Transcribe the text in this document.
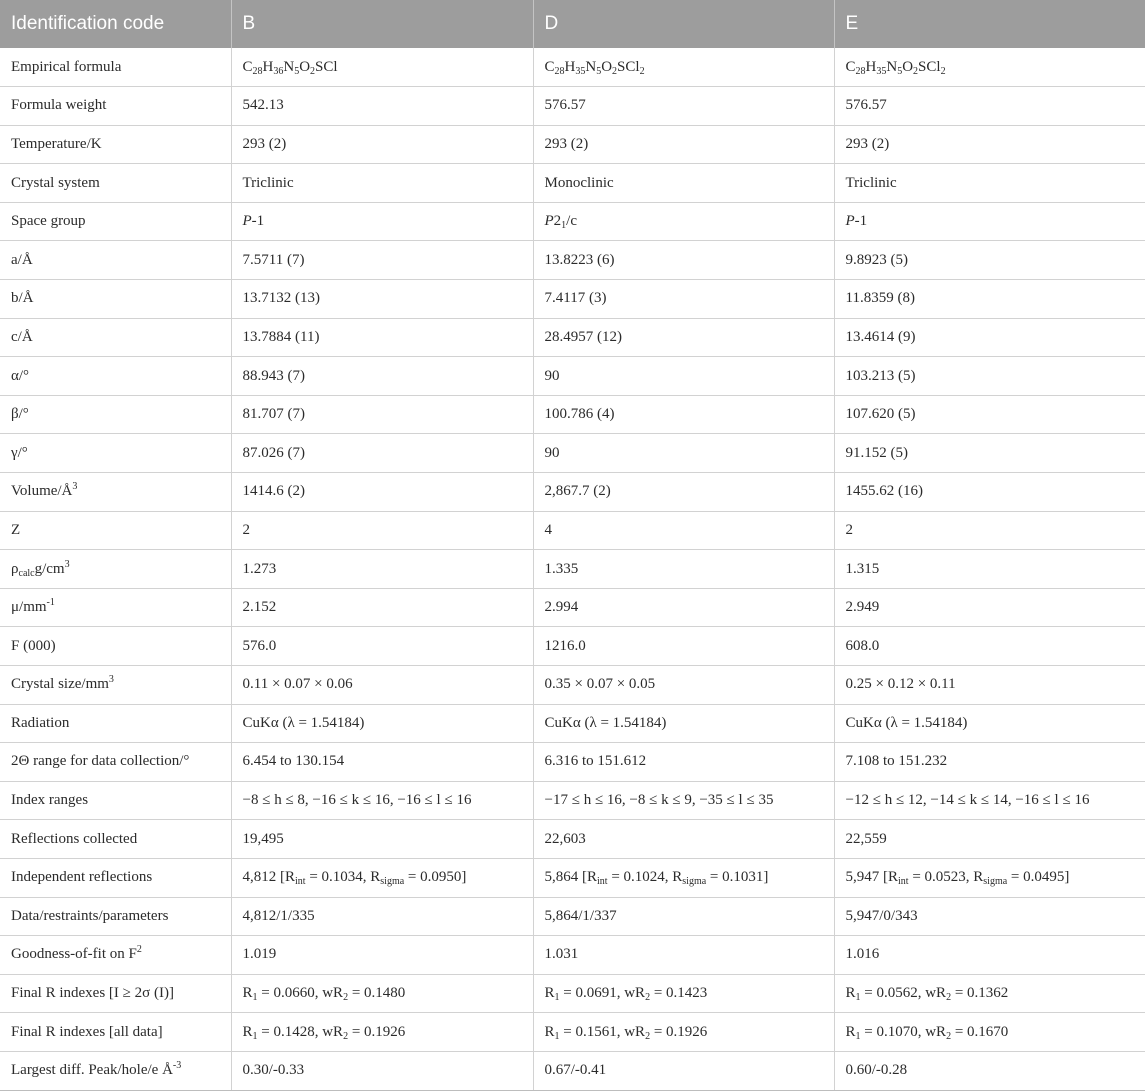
Identification code	B	D	E
Empirical formula	$C_{28}H_{36}N_5O_2SCl$	$C_{28}H_{35}N_5O_2SCl_2$	$C_{28}H_{35}N_5O_2SCl_2$
Formula weight	542.13	576.57	576.57
Temperature/K	293 (2)	293 (2)	293 (2)
Crystal system	Triclinic	Monoclinic	Triclinic
Space group	P-1	$P2_1/c$	P-1
a/Å	7.5711 (7)	13.8223 (6)	9.8923 (5)
b/Å	13.7132 (13)	7.4117 (3)	11.8359 (8)
c/Å	13.7884 (11)	28.4957 (12)	13.4614 (9)
α/°	88.943 (7)	90	103.213 (5)
β/°	81.707 (7)	100.786 (4)	107.620 (5)
γ/°	87.026 (7)	90	91.152 (5)
Volume/$Å^3$	1414.6 (2)	2,867.7 (2)	1455.62 (16)
Z	2	4	2
$\rho_{calc}g/cm^3$	1.273	1.335	1.315
$\mu/mm^{-1}$	2.152	2.994	2.949
F (000)	576.0	1216.0	608.0
Crystal size/$mm^3$	0.11 × 0.07 × 0.06	0.35 × 0.07 × 0.05	0.25 × 0.12 × 0.11
Radiation	CuKα (λ = 1.54184)	CuKα (λ = 1.54184)	CuKα (λ = 1.54184)
2Θ range for data collection/°	6.454 to 130.154	6.316 to 151.612	7.108 to 151.232
Index ranges	−8 ≤ h ≤ 8, −16 ≤ k ≤ 16, −16 ≤ l ≤ 16	−17 ≤ h ≤ 16, −8 ≤ k ≤ 9, −35 ≤ l ≤ 35	−12 ≤ h ≤ 12, −14 ≤ k ≤ 14, −16 ≤ l ≤ 16
Reflections collected	19,495	22,603	22,559
Independent reflections	4,812 [$R_{int} = 0.1034$, $R_{sigma} = 0.0950$]	5,864 [$R_{int} = 0.1024$, $R_{sigma} = 0.1031$]	5,947 [$R_{int} = 0.0523$, $R_{sigma} = 0.0495$]
Data/restraints/parameters	4,812/1/335	5,864/1/337	5,947/0/343
Goodness-of-fit on $F^2$	1.019	1.031	1.016
Final R indexes [I ≥ 2σ (I)]	$R_1 = 0.0660$, $wR_2 = 0.1480$	$R_1 = 0.0691$, $wR_2 = 0.1423$	$R_1 = 0.0562$, $wR_2 = 0.1362$
Final R indexes [all data]	$R_1 = 0.1428$, $wR_2 = 0.1926$	$R_1 = 0.1561$, $wR_2 = 0.1926$	$R_1 = 0.1070$, $wR_2 = 0.1670$
Largest diff. Peak/hole/e $Å^{-3}$	0.30/-0.33	0.67/-0.41	0.60/-0.28
